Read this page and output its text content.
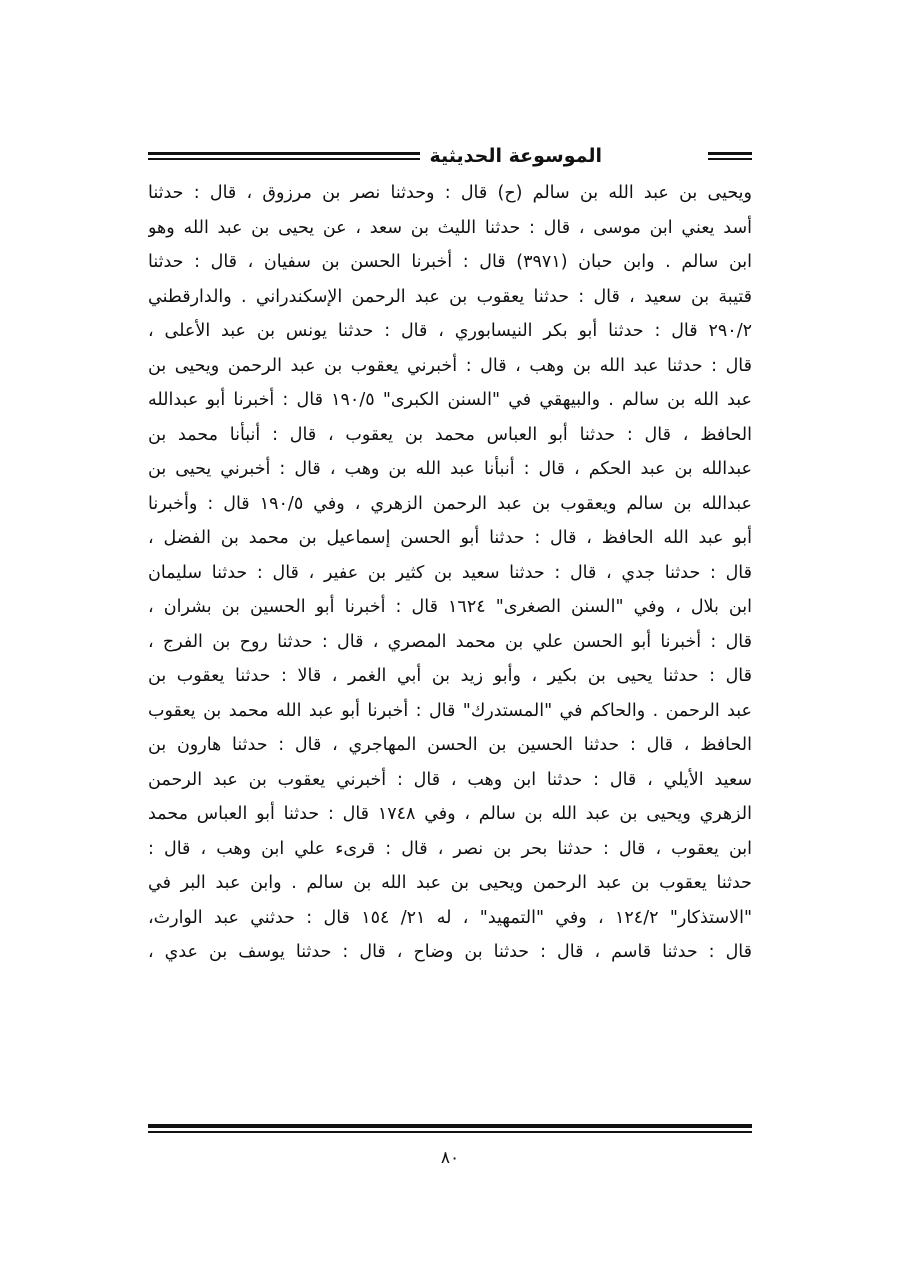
الموسوعة الحديثية
ويحيى بن عبد الله بن سالم (ح) قال : وحدثنا نصر بن مرزوق ، قال : حدثنا
أسد يعني ابن موسى ، قال : حدثنا الليث بن سعد ، عن يحيى بن عبد الله وهو
ابن سالم . وابن حبان (٣٩٧١) قال : أخبرنا الحسن بن سفيان ، قال : حدثنا
قتيبة بن سعيد ، قال : حدثنا يعقوب بن عبد الرحمن الإسكندراني . والدارقطني
٢٩٠/٢ قال : حدثنا أبو بكر النيسابوري ، قال : حدثنا يونس بن عبد الأعلى ،
قال : حدثنا عبد الله بن وهب ، قال : أخبرني يعقوب بن عبد الرحمن ويحيى بن
عبد الله بن سالم . والبيهقي في "السنن الكبرى" ١٩٠/٥ قال : أخبرنا أبو عبدالله
الحافظ ، قال : حدثنا أبو العباس محمد بن يعقوب ، قال : أنبأنا محمد بن
عبدالله بن عبد الحكم ، قال : أنبأنا عبد الله بن وهب ، قال : أخبرني يحيى بن
عبدالله بن سالم ويعقوب بن عبد الرحمن الزهري ، وفي ١٩٠/٥ قال : وأخبرنا
أبو عبد الله الحافظ ، قال : حدثنا أبو الحسن إسماعيل بن محمد بن الفضل ،
قال : حدثنا جدي ، قال : حدثنا سعيد بن كثير بن عفير ، قال : حدثنا سليمان
ابن بلال ، وفي "السنن الصغرى" ١٦٢٤ قال : أخبرنا أبو الحسين بن بشران ،
قال : أخبرنا أبو الحسن علي بن محمد المصري ، قال : حدثنا روح بن الفرج ،
قال : حدثنا يحيى بن بكير ، وأبو زيد بن أبي الغمر ، قالا : حدثنا يعقوب بن
عبد الرحمن . والحاكم في "المستدرك" قال : أخبرنا أبو عبد الله محمد بن يعقوب
الحافظ ، قال : حدثنا الحسين بن الحسن المهاجري ، قال : حدثنا هارون بن
سعيد الأيلي ، قال : حدثنا ابن وهب ، قال : أخبرني يعقوب بن عبد الرحمن
الزهري ويحيى بن عبد الله بن سالم ، وفي ١٧٤٨ قال : حدثنا أبو العباس محمد
ابن يعقوب ، قال : حدثنا بحر بن نصر ، قال : قرىء علي ابن وهب ، قال :
حدثنا يعقوب بن عبد الرحمن ويحيى بن عبد الله بن سالم . وابن عبد البر في
"الاستذكار" ١٢٤/٢ ، وفي "التمهيد" ، له ٢١/ ١٥٤ قال : حدثني عبد الوارث،
قال : حدثنا قاسم ، قال : حدثنا بن وضاح ، قال : حدثنا يوسف بن عدي ،
٨٠
